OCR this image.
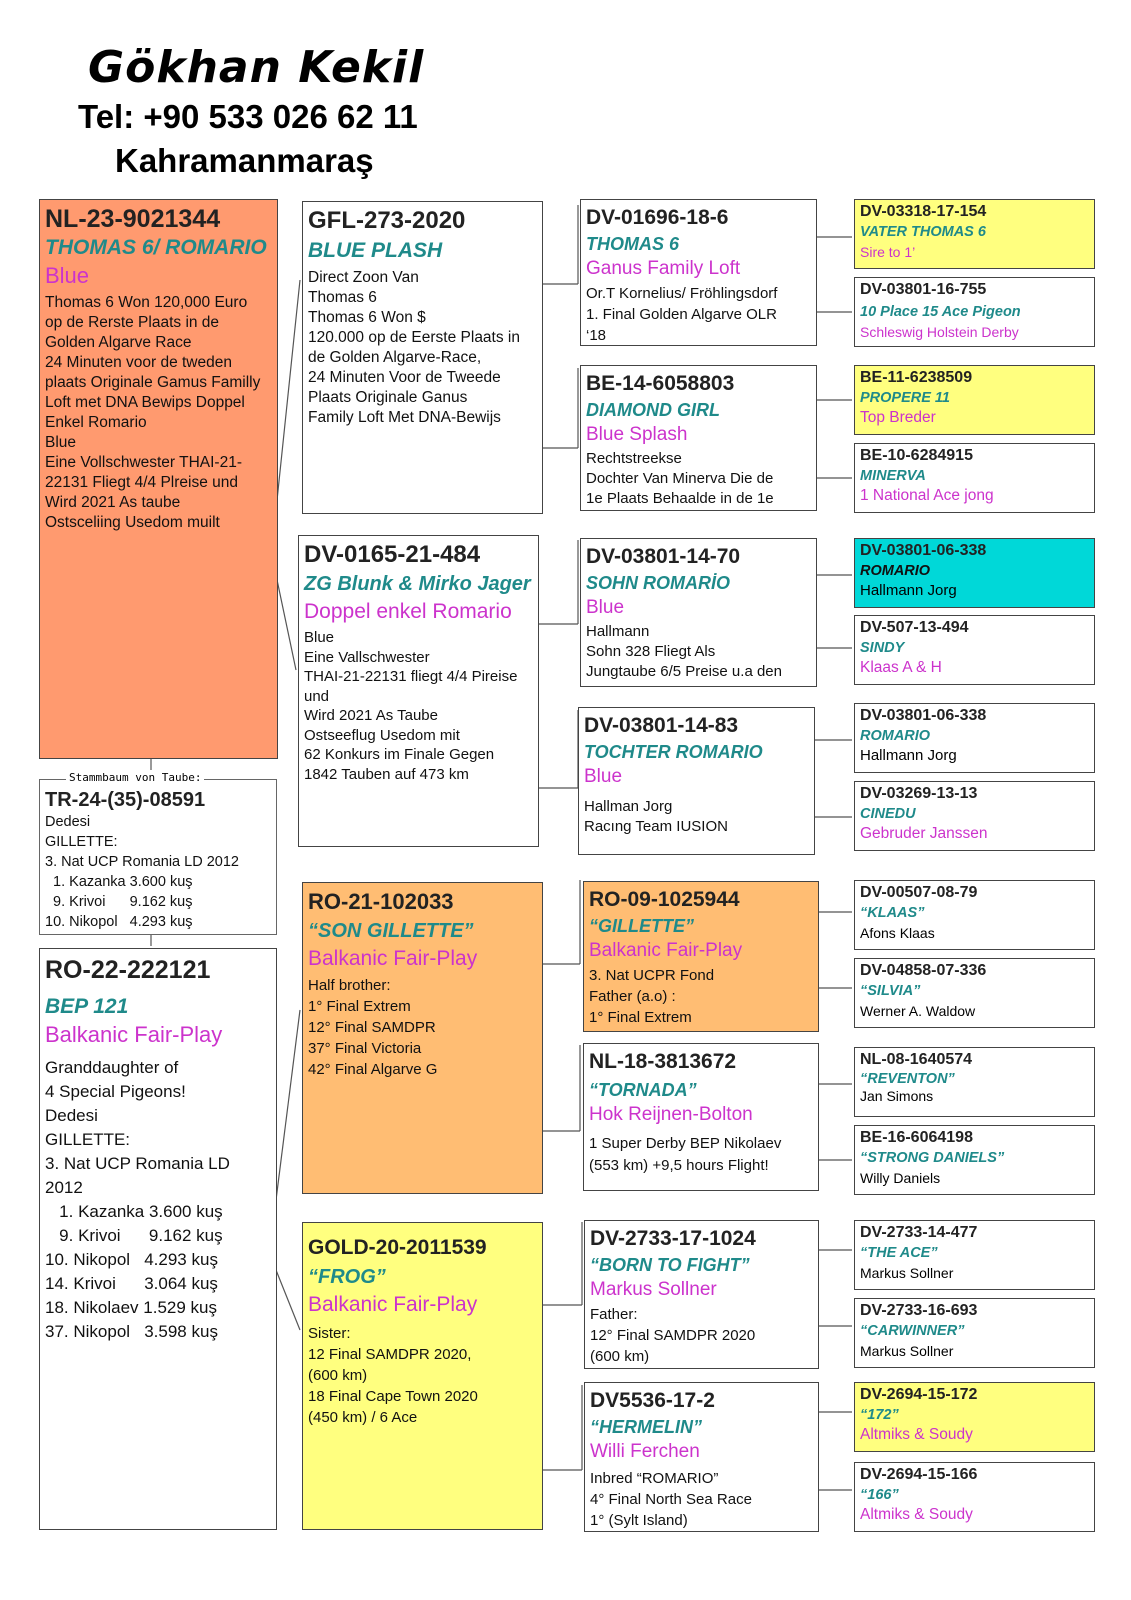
Gökhan Kekil
Tel: +90 533 026 62 11
Kahramanmaraş
NL-23-9021344
THOMAS 6/ ROMARIO
Blue
Thomas 6 Won 120,000 Euro
op de Rerste Plaats in de
Golden Algarve Race
24 Minuten voor de tweden
plaats Originale Gamus Familly
Loft met DNA Bewips Doppel
Enkel Romario
Blue
Eine Vollschwester THAI-21-
22131 Fliegt 4/4 Plreise und
Wird 2021 As taube
Ostsceliing Usedom muilt
TR-24-(35)-08591
Dedesi
GILLETTE:
3. Nat UCP Romania LD 2012
1. Kazanka 3.600 kuş
9. Krivoi      9.162 kuş
10. Nikopol   4.293 kuş
Stammbaum von Taube:
RO-22-222121
BEP 121
Balkanic Fair-Play
Granddaughter of
4 Special Pigeons!
Dedesi
GILLETTE:
3. Nat UCP Romania LD
2012
1. Kazanka 3.600 kuş
9. Krivoi      9.162 kuş
10. Nikopol   4.293 kuş
14. Krivoi      3.064 kuş
18. Nikolaev 1.529 kuş
37. Nikopol   3.598 kuş
GFL-273-2020
BLUE PLASH
Direct Zoon Van
Thomas 6
Thomas 6 Won $
120.000 op de Eerste Plaats in
de Golden Algarve-Race,
24 Minuten Voor de Tweede
Plaats Originale Ganus
Family Loft Met DNA-Bewijs
DV-0165-21-484
ZG Blunk & Mirko Jager
Doppel enkel Romario
Blue
Eine Vallschwester
THAI-21-22131 fliegt 4/4 Pireise
und
Wird 2021 As Taube
Ostseeflug Usedom mit
62 Konkurs im Finale Gegen
1842 Tauben auf 473 km
RO-21-102033
“SON GILLETTE”
Balkanic Fair-Play
Half brother:
1° Final Extrem
12° Final SAMDPR
37° Final Victoria
42° Final Algarve G
GOLD-20-2011539
“FROG”
Balkanic Fair-Play
Sister:
12 Final SAMDPR 2020,
(600 km)
18 Final Cape Town 2020
(450 km) / 6 Ace
DV-01696-18-6
THOMAS 6
Ganus Family Loft
Or.T Kornelius/ Fröhlingsdorf
1. Final Golden Algarve OLR
‘18
BE-14-6058803
DIAMOND GIRL
Blue Splash
Rechtstreekse
Dochter Van Minerva Die de
1e Plaats Behaalde in de 1e
DV-03801-14-70
SOHN ROMARİO
Blue
Hallmann
Sohn 328 Fliegt Als
Jungtaube 6/5 Preise u.a den
DV-03801-14-83
TOCHTER ROMARIO
Blue
Hallman Jorg
Racıng Team IUSION
RO-09-1025944
“GILLETTE”
Balkanic Fair-Play
3. Nat UCPR Fond
Father (a.o) :
1° Final Extrem
NL-18-3813672
“TORNADA”
Hok Reijnen-Bolton
1 Super Derby BEP Nikolaev
(553 km) +9,5 hours Flight!
DV-2733-17-1024
“BORN TO FIGHT”
Markus Sollner
Father:
12° Final SAMDPR 2020
(600 km)
DV5536-17-2
“HERMELIN”
Willi Ferchen
Inbred “ROMARIO”
4° Final North Sea Race
1° (Sylt Island)
DV-03318-17-154
VATER THOMAS 6
Sire to 1’
DV-03801-16-755
10 Place 15 Ace Pigeon
Schleswig Holstein Derby
BE-11-6238509
PROPERE 11
Top Breder
BE-10-6284915
MINERVA
1 National Ace jong
DV-03801-06-338
ROMARIO
Hallmann Jorg
DV-507-13-494
SINDY
Klaas A & H
DV-03801-06-338
ROMARIO
Hallmann Jorg
DV-03269-13-13
CINEDU
Gebruder Janssen
DV-00507-08-79
“KLAAS”
Afons Klaas
DV-04858-07-336
“SILVIA”
Werner A. Waldow
NL-08-1640574
“REVENTON”
Jan Simons
BE-16-6064198
“STRONG DANIELS”
Willy Daniels
DV-2733-14-477
“THE ACE”
Markus Sollner
DV-2733-16-693
“CARWINNER”
Markus Sollner
DV-2694-15-172
“172”
Altmiks & Soudy
DV-2694-15-166
“166”
Altmiks & Soudy
